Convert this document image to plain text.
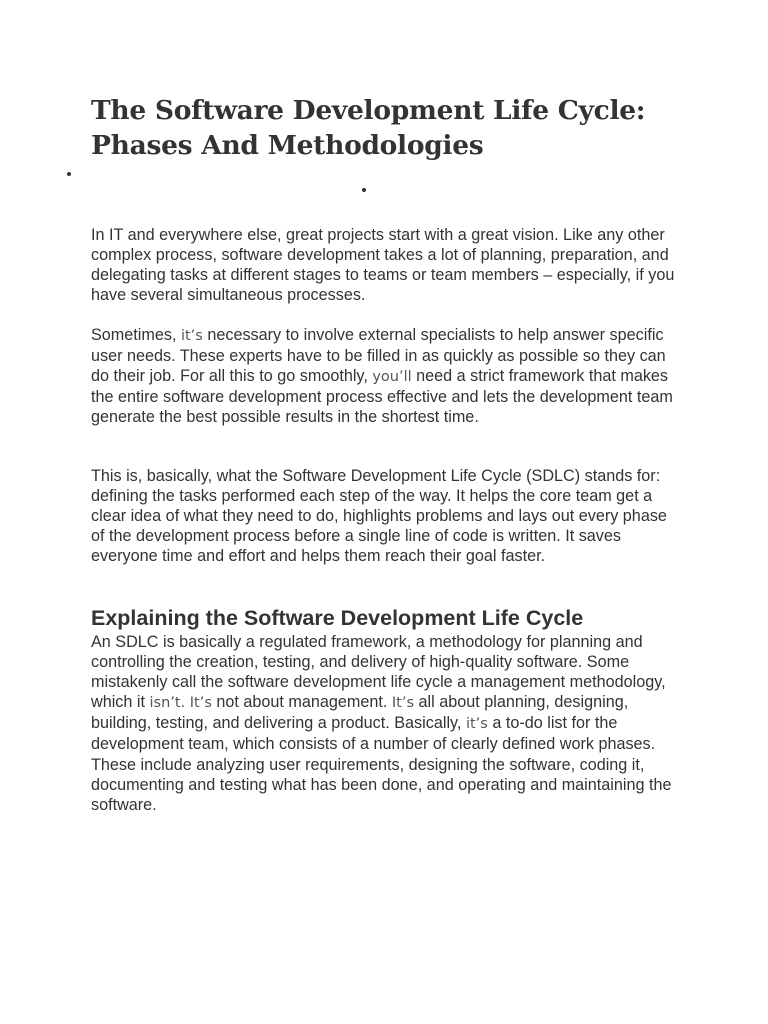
The Software Development Life Cycle: Phases And Methodologies

In IT and everywhere else, great projects start with a great vision. Like any other complex process, software development takes a lot of planning, preparation, and delegating tasks at different stages to teams or team members – especially, if you have several simultaneous processes.

Sometimes, it’s necessary to involve external specialists to help answer specific user needs. These experts have to be filled in as quickly as possible so they can do their job. For all this to go smoothly, you’ll need a strict framework that makes the entire software development process effective and lets the development team generate the best possible results in the shortest time.

This is, basically, what the Software Development Life Cycle (SDLC) stands for: defining the tasks performed each step of the way. It helps the core team get a clear idea of what they need to do, highlights problems and lays out every phase of the development process before a single line of code is written. It saves everyone time and effort and helps them reach their goal faster.

Explaining the Software Development Life Cycle

An SDLC is basically a regulated framework, a methodology for planning and controlling the creation, testing, and delivery of high-quality software. Some mistakenly call the software development life cycle a management methodology, which it isn’t. It’s not about management. It’s all about planning, designing, building, testing, and delivering a product. Basically, it’s a to-do list for the development team, which consists of a number of clearly defined work phases. These include analyzing user requirements, designing the software, coding it, documenting and testing what has been done, and operating and maintaining the software.
